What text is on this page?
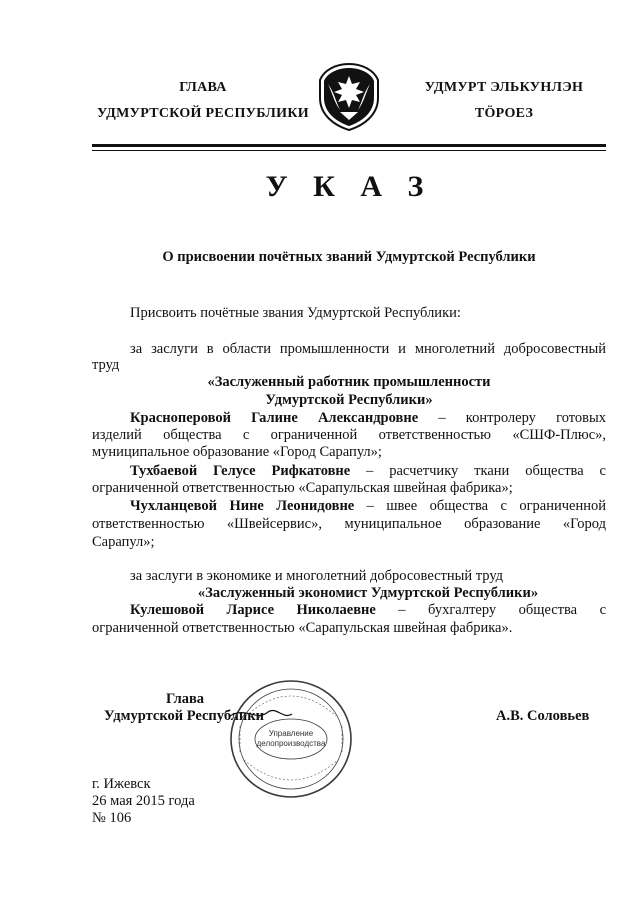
ГЛАВА
УДМУРТСКОЙ РЕСПУБЛИКИ
УДМУРТ ЭЛЬКУНЛЭН
ТÖРОЕЗ
У К А З
О присвоении почётных званий Удмуртской Республики
Присвоить почётные звания Удмуртской Республики:
за заслуги в области промышленности и многолетний добросовестный
труд
«Заслуженный работник промышленности
Удмуртской Республики»
Красноперовой Галине Александровне – контролеру готовых
изделий общества с ограниченной ответственностью «СШФ-Плюс»,
муниципальное образование «Город Сарапул»;
Тухбаевой Гелусе Рифкатовне – расчетчику ткани общества с
ограниченной ответственностью «Сарапульская швейная фабрика»;
Чухланцевой Нине Леонидовне – швее общества с ограниченной
ответственностью «Швейсервис», муниципальное образование «Город
Сарапул»;
за заслуги в экономике и многолетний добросовестный труд
«Заслуженный экономист Удмуртской Республики»
Кулешовой Ларисе Николаевне – бухгалтеру общества с
ограниченной ответственностью «Сарапульская швейная фабрика».
Глава
Удмуртской Республики	А.В. Соловьев
Управление
делопроизводства
г. Ижевск
26 мая 2015 года
№ 106
